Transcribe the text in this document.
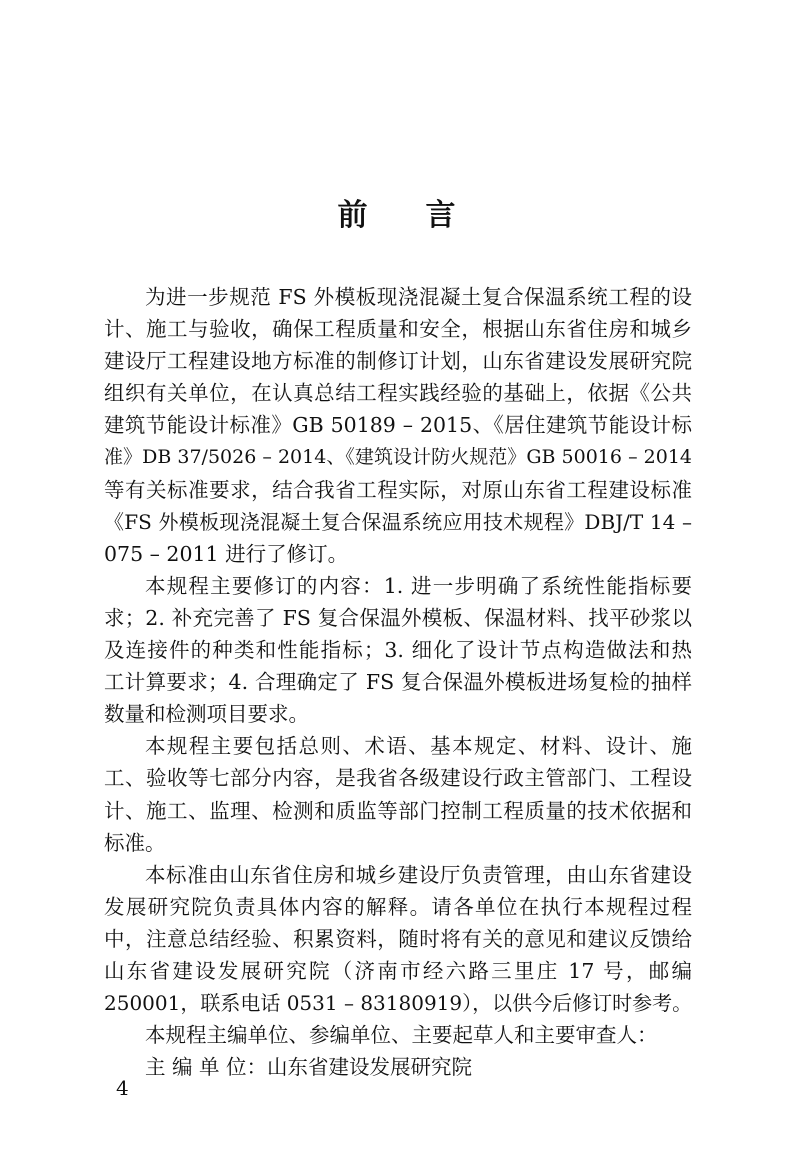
前 言
为进一步规范 FS 外模板现浇混凝土复合保温系统工程的设
计、施工与验收，确保工程质量和安全，根据山东省住房和城乡
建设厅工程建设地方标准的制修订计划，山东省建设发展研究院
组织有关单位，在认真总结工程实践经验的基础上，依据《公共
建筑节能设计标准》GB 50189 – 2015、《居住建筑节能设计标
准》DB 37/5026 – 2014、《建筑设计防火规范》GB 50016 – 2014
等有关标准要求，结合我省工程实际，对原山东省工程建设标准
《FS 外模板现浇混凝土复合保温系统应用技术规程》DBJ/T 14 –
075 – 2011 进行了修订。
本规程主要修订的内容：1. 进一步明确了系统性能指标要
求；2. 补充完善了 FS 复合保温外模板、保温材料、找平砂浆以
及连接件的种类和性能指标；3. 细化了设计节点构造做法和热
工计算要求；4. 合理确定了 FS 复合保温外模板进场复检的抽样
数量和检测项目要求。
本规程主要包括总则、术语、基本规定、材料、设计、施
工、验收等七部分内容，是我省各级建设行政主管部门、工程设
计、施工、监理、检测和质监等部门控制工程质量的技术依据和
标准。
本标准由山东省住房和城乡建设厅负责管理，由山东省建设
发展研究院负责具体内容的解释。请各单位在执行本规程过程
中，注意总结经验、积累资料，随时将有关的意见和建议反馈给
山东省建设发展研究院（济南市经六路三里庄 17 号，邮编
250001，联系电话 0531 – 83180919），以供今后修订时参考。
本规程主编单位、参编单位、主要起草人和主要审查人：
主 编 单 位：山东省建设发展研究院
4
